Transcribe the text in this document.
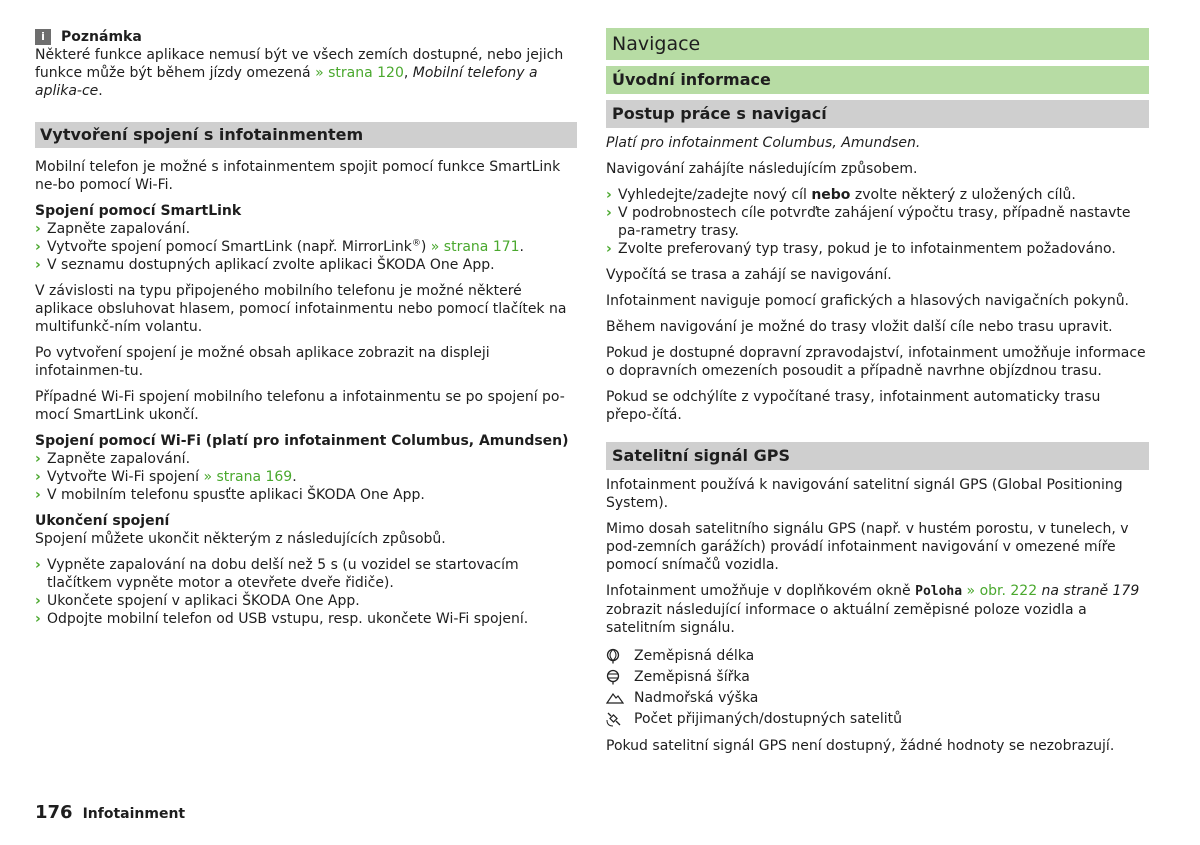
i	Poznámka

Některé funkce aplikace nemusí být ve všech zemích dostupné, nebo jejich funkce může být během jízdy omezená » strana 120, Mobilní telefony a aplika-ce.

Vytvoření spojení s infotainmentem

Mobilní telefon je možné s infotainmentem spojit pomocí funkce SmartLink ne-bo pomocí Wi-Fi.

Spojení pomocí SmartLink

› Zapněte zapalování.
› Vytvořte spojení pomocí SmartLink (např. MirrorLink®) » strana 171.
› V seznamu dostupných aplikací zvolte aplikaci ŠKODA One App.

V závislosti na typu připojeného mobilního telefonu je možné některé aplikace obsluhovat hlasem, pomocí infotainmentu nebo pomocí tlačítek na multifunkč-ním volantu.

Po vytvoření spojení je možné obsah aplikace zobrazit na displeji infotainmen-tu.

Případné Wi-Fi spojení mobilního telefonu a infotainmentu se po spojení po-mocí SmartLink ukončí.

Spojení pomocí Wi-Fi (platí pro infotainment Columbus, Amundsen)

› Zapněte zapalování.
› Vytvořte Wi-Fi spojení » strana 169.
› V mobilním telefonu spusťte aplikaci ŠKODA One App.

Ukončení spojení

Spojení můžete ukončit některým z následujících způsobů.

› Vypněte zapalování na dobu delší než 5 s (u vozidel se startovacím tlačítkem vypněte motor a otevřete dveře řidiče).
› Ukončete spojení v aplikaci ŠKODA One App.
› Odpojte mobilní telefon od USB vstupu, resp. ukončete Wi-Fi spojení.
Navigace
Úvodní informace
Postup práce s navigací

Platí pro infotainment Columbus, Amundsen.

Navigování zahájíte následujícím způsobem.

› Vyhledejte/zadejte nový cíl nebo zvolte některý z uložených cílů.
› V podrobnostech cíle potvrďte zahájení výpočtu trasy, případně nastavte pa-rametry trasy.
› Zvolte preferovaný typ trasy, pokud je to infotainmentem požadováno.

Vypočítá se trasa a zahájí se navigování.

Infotainment naviguje pomocí grafických a hlasových navigačních pokynů.

Během navigování je možné do trasy vložit další cíle nebo trasu upravit.

Pokud je dostupné dopravní zpravodajství, infotainment umožňuje informace o dopravních omezeních posoudit a případně navrhne objízdnou trasu.

Pokud se odchýlíte z vypočítané trasy, infotainment automaticky trasu přepo-čítá.

Satelitní signál GPS

Infotainment používá k navigování satelitní signál GPS (Global Positioning System).

Mimo dosah satelitního signálu GPS (např. v hustém porostu, v tunelech, v pod-zemních garážích) provádí infotainment navigování v omezené míře pomocí snímačů vozidla.

Infotainment umožňuje v doplňkovém okně Poloha » obr. 222 na straně 179 zobrazit následující informace o aktuální zeměpisné poloze vozidla a satelitním signálu.

Zeměpisná délka
Zeměpisná šířka
Nadmořská výška
Počet přijimaných/dostupných satelitů

Pokud satelitní signál GPS není dostupný, žádné hodnoty se nezobrazují.

176 Infotainment
